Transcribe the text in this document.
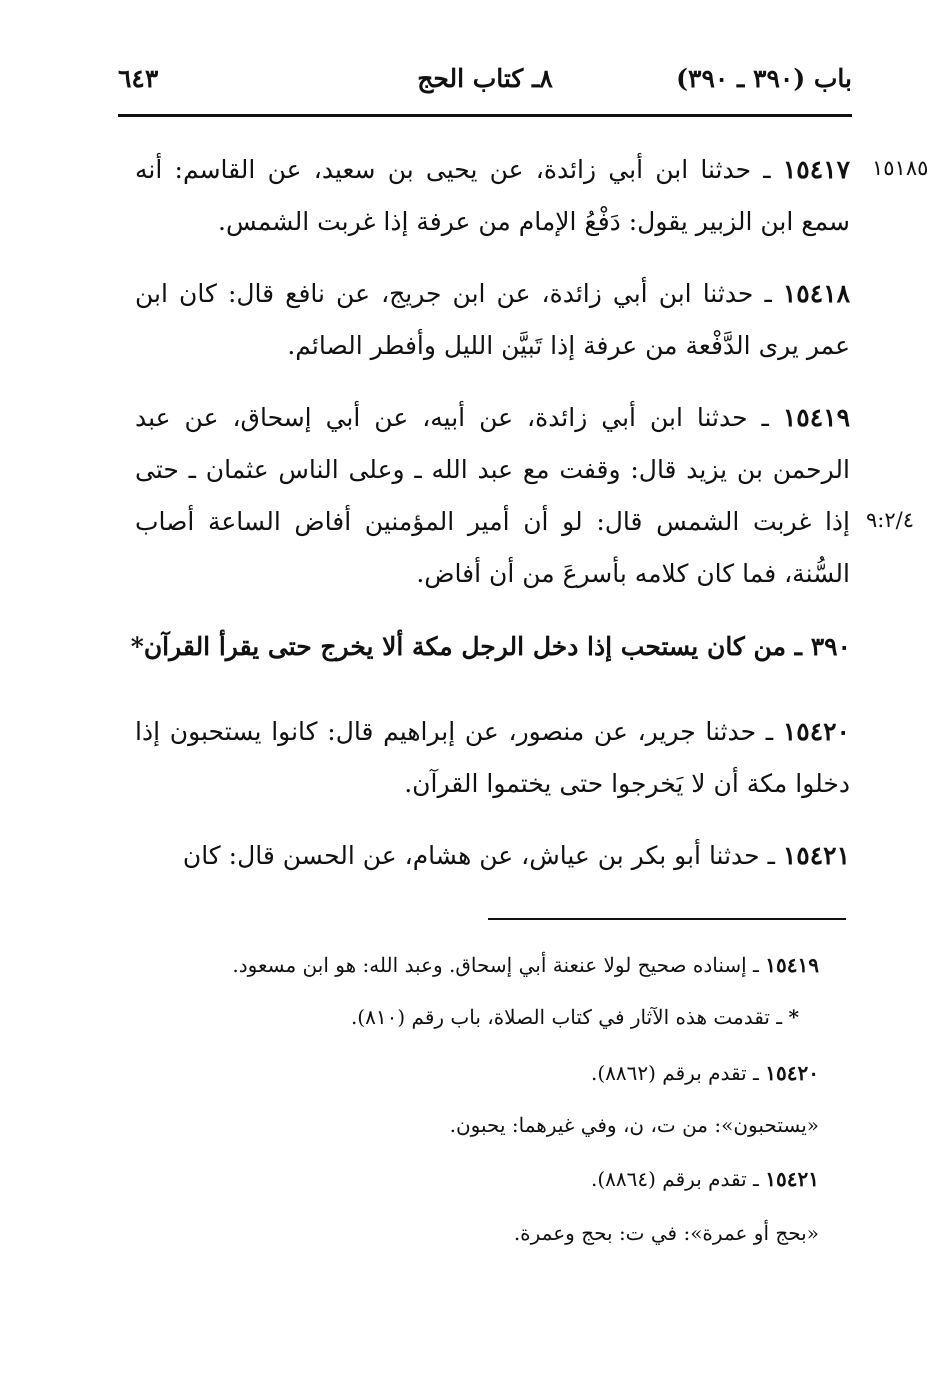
باب (٣٩٠ ـ ٣٩٠)
٨ـ كتاب الحج
٦٤٣
١٥١٨٥
١٥٤١٧ ـ حدثنا ابن أبي زائدة، عن يحيى بن سعيد، عن القاسم: أنه سمع ابن الزبير يقول: دَفْعُ الإمام من عرفة إذا غربت الشمس.
١٥٤١٨ ـ حدثنا ابن أبي زائدة، عن ابن جريج، عن نافع قال: كان ابن عمر يرى الدَّفْعة من عرفة إذا تَبيَّن الليل وأفطر الصائم.
١٥٤١٩ ـ حدثنا ابن أبي زائدة، عن أبيه، عن أبي إسحاق، عن عبد الرحمن بن يزيد قال: وقفت مع عبد الله ـ وعلى الناس عثمان ـ حتى إذا غربت الشمس قال: لو أن أمير المؤمنين أفاض الساعة أصاب السُّنة، فما كان كلامه بأسرعَ من أن أفاض.
٩:٢/٤
٣٩٠ ـ من كان يستحب إذا دخل الرجل مكة ألا يخرج حتى يقرأ القرآن*
١٥٤٢٠ ـ حدثنا جرير، عن منصور، عن إبراهيم قال: كانوا يستحبون إذا دخلوا مكة أن لا يَخرجوا حتى يختموا القرآن.
١٥٤٢١ ـ حدثنا أبو بكر بن عياش، عن هشام، عن الحسن قال: كان
١٥٤١٩ ـ إسناده صحيح لولا عنعنة أبي إسحاق. وعبد الله: هو ابن مسعود.
* ـ تقدمت هذه الآثار في كتاب الصلاة، باب رقم (٨١٠).
١٥٤٢٠ ـ تقدم برقم (٨٨٦٢).
«يستحبون»: من ت، ن، وفي غيرهما: يحبون.
١٥٤٢١ ـ تقدم برقم (٨٨٦٤).
«بحج أو عمرة»: في ت: بحج وعمرة.
